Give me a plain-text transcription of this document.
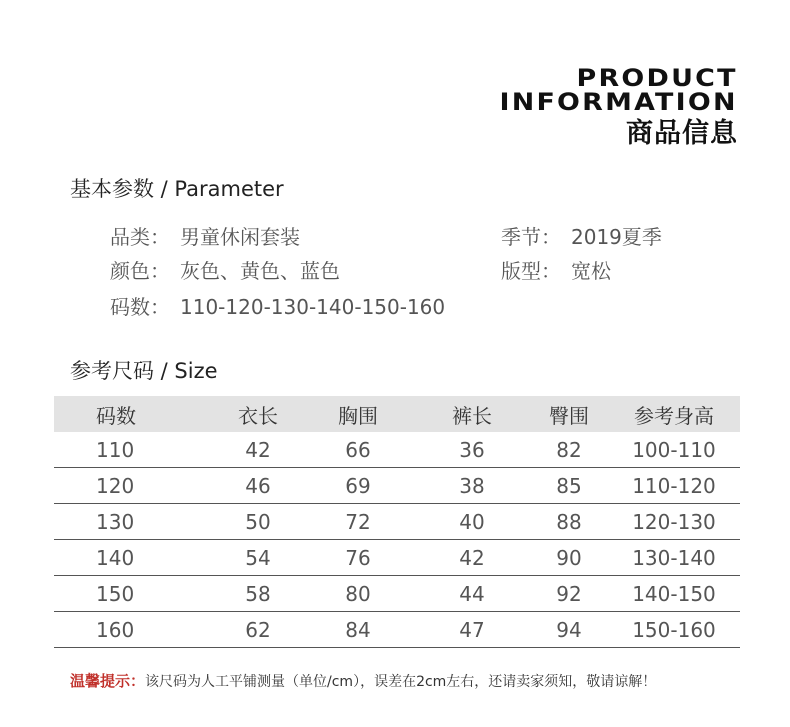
PRODUCT
INFORMATION
商品信息
基本参数 / Parameter
品类： 男童休闲套装	季节： 2019夏季
颜色： 灰色、黄色、蓝色	版型： 宽松
码数： 110-120-130-140-150-160
参考尺码 / Size
码数	衣长	胸围	裤长	臀围	参考身高
110	42	66	36	82	100-110
120	46	69	38	85	110-120
130	50	72	40	88	120-130
140	54	76	42	90	130-140
150	58	80	44	92	140-150
160	62	84	47	94	150-160
温馨提示：该尺码为人工平铺测量（单位/cm），误差在2cm左右，还请卖家须知，敬请谅解！
